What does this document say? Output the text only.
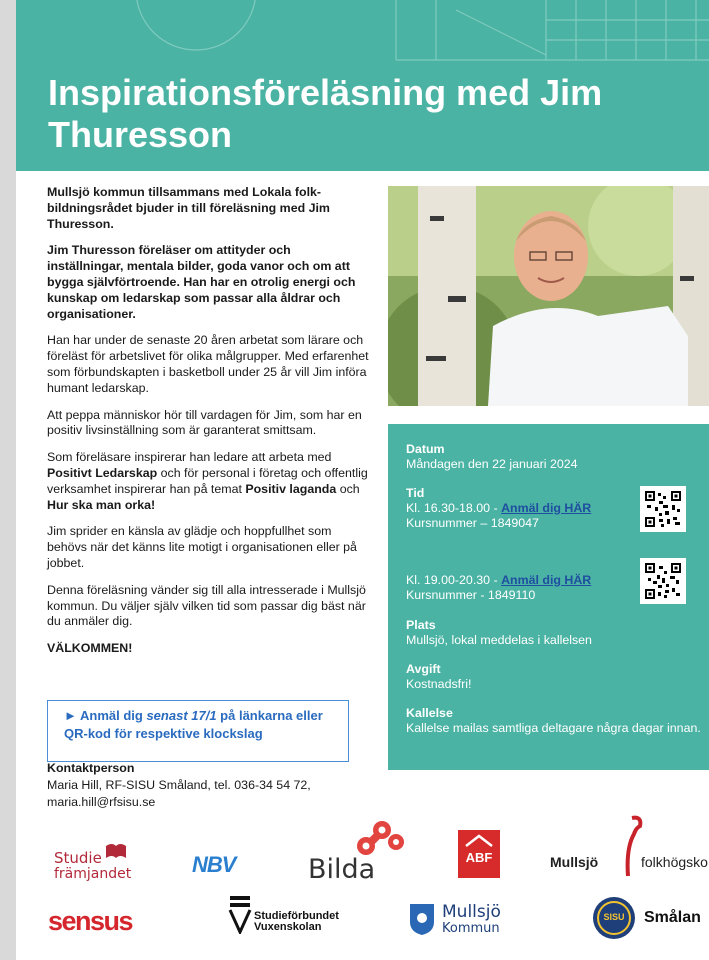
Inspirationsföreläsning med Jim Thuresson

Mullsjö kommun tillsammans med Lokala folk-bildningsrådet bjuder in till föreläsning med Jim Thuresson.

Jim Thuresson föreläser om attityder och inställningar, mentala bilder, goda vanor och om att bygga självförtroende. Han har en otrolig energi och kunskap om ledarskap som passar alla åldrar och organisationer.

Han har under de senaste 20 åren arbetat som lärare och föreläst för arbetslivet för olika målgrupper. Med erfarenhet som förbundskapten i basketboll under 25 år vill Jim införa humant ledarskap.

Att peppa människor hör till vardagen för Jim, som har en positiv livsinställning som är garanterat smittsam.

Som föreläsare inspirerar han ledare att arbeta med Positivt Ledarskap och för personal i företag och offentlig verksamhet inspirerar han på temat Positiv laganda och Hur ska man orka!

Jim sprider en känsla av glädje och hoppfullhet som behövs när det känns lite motigt i organisationen eller på jobbet.

Denna föreläsning vänder sig till alla intresserade i Mullsjö kommun. Du väljer själv vilken tid som passar dig bäst när du anmäler dig.

VÄLKOMMEN!

Datum
Måndagen den 22 januari 2024
Tid
Kl. 16.30-18.00 - Anmäl dig HÄR
Kursnummer – 1849047
Kl. 19.00-20.30 - Anmäl dig HÄR
Kursnummer - 1849110
Plats
Mullsjö, lokal meddelas i kallelsen
Avgift
Kostnadsfri!
Kallelse
Kallelse mailas samtliga deltagare några dagar innan.
► Anmäl dig senast 17/1 på länkarna eller QR-kod för respektive klockslag
Kontaktperson
Maria Hill, RF-SISU Småland, tel. 036-34 54 72,
maria.hill@rfsisu.se
Studie
främjandet	NBV	Bilda	ABF	Mullsjö	folkhögsko
sensus	Studieförbundet
Vuxenskolan
Mullsjö
Kommun
SISU	Smålan
